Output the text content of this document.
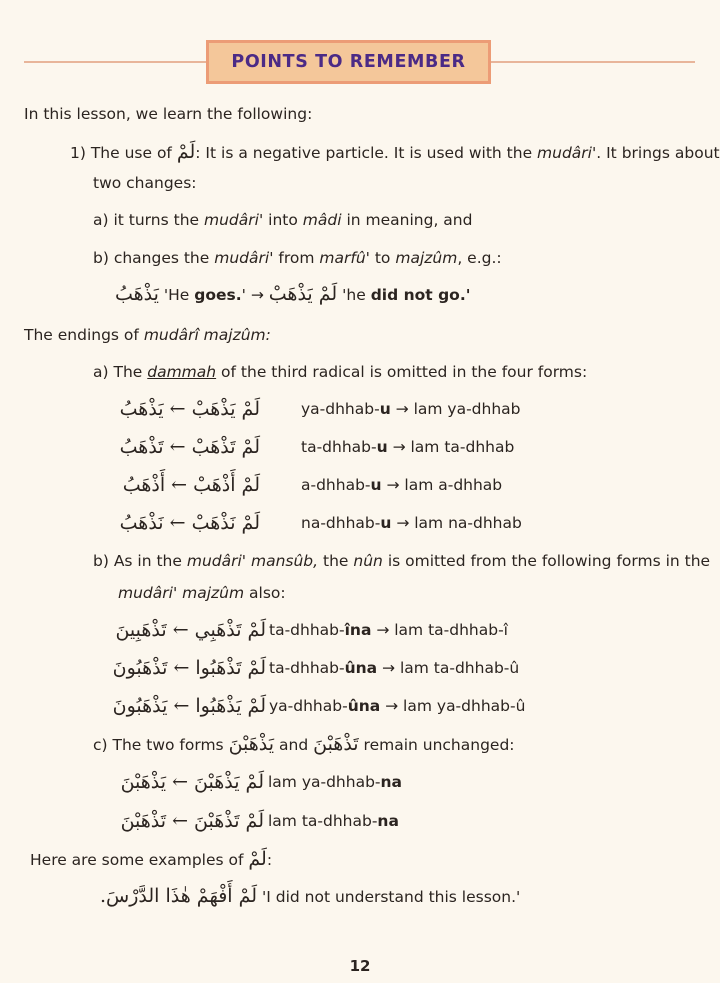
POINTS TO REMEMBER
In this lesson, we learn the following:
1) The use of لَمْ: It is a negative particle. It is used with the mudâri'. It brings about
two changes:
a) it turns the mudâri' into mâdi in meaning, and
b) changes the mudâri' from marfû' to majzûm, e.g.:
يَذْهَبُ 'He goes.' → لَمْ يَذْهَبْ 'he did not go.'
The endings of mudârî majzûm:
a) The dammah of the third radical is omitted in the four forms:
لَمْ يَذْهَبْ ← يَذْهَبُ	ya-dhhab-u → lam ya-dhhab
لَمْ تَذْهَبْ ← تَذْهَبُ	ta-dhhab-u → lam ta-dhhab
لَمْ أَذْهَبْ ← أَذْهَبُ	a-dhhab-u → lam a-dhhab
لَمْ نَذْهَبْ ← نَذْهَبُ	na-dhhab-u → lam na-dhhab
b) As in the mudâri' mansûb, the nûn is omitted from the following forms in the
mudâri' majzûm also:
لَمْ تَذْهَبِي ← تَذْهَبِينَ ta-dhhab-îna → lam ta-dhhab-î
لَمْ تَذْهَبُوا ← تَذْهَبُونَ ta-dhhab-ûna → lam ta-dhhab-û
لَمْ يَذْهَبُوا ← يَذْهَبُونَ ya-dhhab-ûna → lam ya-dhhab-û
c) The two forms يَذْهَبْنَ and تَذْهَبْنَ remain unchanged:
لَمْ يَذْهَبْنَ ← يَذْهَبْنَ lam ya-dhhab-na
لَمْ تَذْهَبْنَ ← تَذْهَبْنَ lam ta-dhhab-na
Here are some examples of لَمْ:
لَمْ أَفْهَمْ هٰذَا الدَّرْسَ. 'I did not understand this lesson.'
12
